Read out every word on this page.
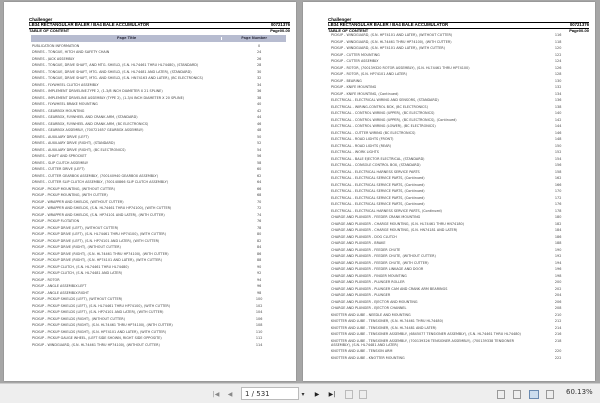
Challenger
LB34 RECTANGULAR BALER / BA4 BALE ACCUMULATOR	00721376
TABLE OF CONTENT	Page00-00
Page Title	Page Number
PUBLICATION INFORMATION	0
DRIVES - TONGUE, HITCH AND SAFETY CHAIN	24
DRIVES - JACK ASSEMBLY	26
DRIVES - TONGUE, DRIVE SHAFT, AND MTG. SHIELD, (S.N. HL74461 THRU HL74480), (STANDARD)	28
DRIVES - TONGUE, DRIVE SHAFT, MTG. AND SHIELD, (S.N. HL74481 AND LATER), (STANDARD)	30
DRIVES - TONGUE, DRIVE SHAFT, MTG. AND SHIELD, (S.N. HN74163 AND LATER), (BC ELECTRONICS)	32
DRIVES - FLYWHEEL CLUTCH ASSEMBLY	34
DRIVES - IMPLEMENT DRIVELINE-TYPE 2, (1-3/8 INCH DIAMETER X 21 SPLINE)	36
DRIVES - IMPLEMENT DRIVELINE ASSEMBLY (TYPE 2), (1-3/4 INCH DIAMETER X 20 SPLINE)	38
DRIVES - FLYWHEEL BRAKE MOUNTING	40
DRIVES - GEARBOX MOUNTING	42
DRIVES - GEARBOX, FLYWHEEL AND CRANK ARM, (STANDARD)	44
DRIVES - GEARBOX, FLYWHEEL AND CRANK ARM, (BC ELECTRONICS)	46
DRIVES - GEARBOX ASSEMBLY, (700721657 GEARBOX ASSEMBLY)	48
DRIVES - AUXILIARY DRIVE (LEFT)	50
DRIVES - AUXILIARY DRIVE (RIGHT), (STANDARD)	52
DRIVES - AUXILIARY DRIVE (RIGHT), (BC ELECTRONICS)	54
DRIVES - SHAFT AND SPROCKET	56
DRIVES - SLIP CLUTCH ASSEMBLY	58
DRIVES - CUTTER DRIVE (LEFT)	60
DRIVES - CUTTER GEARBOX ASSEMBLY, (700140940 GEARBOX ASSEMBLY)	62
DRIVES - CUTTER SLIP CLUTCH ASSEMBLY, (700140866 SLIP CLUTCH ASSEMBLY)	64
PICKUP - PICKUP MOUNTING, (WITHOUT CUTTER)	66
PICKUP - PICKUP MOUNTING, (WITH CUTTER)	68
PICKUP - WRAPPER AND SHIELDS, (WITHOUT CUTTER)	70
PICKUP - WRAPPER AND SHIELDS, (S.N. HL74461 THRU HP74100), (WITH CUTTER)	72
PICKUP - WRAPPER AND SHIELDS, (S.N. HP74101 AND LATER), (WITH CUTTER)	74
PICKUP - PICKUP FLOTATION	76
PICKUP - PICKUP DRIVE (LEFT), (WITHOUT CUTTER)	78
PICKUP - PICKUP DRIVE (LEFT), (S.N. HL74461 THRU HP74100), (WITH CUTTER)	80
PICKUP - PICKUP DRIVE (LEFT), (S.N. HP74101 AND LATER), (WITH CUTTER)	82
PICKUP - PICKUP DRIVE (RIGHT), (WITHOUT CUTTER)	84
PICKUP - PICKUP DRIVE (RIGHT), (S.N. HL74461 THRU HP74100), (WITH CUTTER)	86
PICKUP - PICKUP DRIVE (RIGHT), (S.N. HP74101 AND LATER), (WITH CUTTER)	88
PICKUP - PICKUP CLUTCH, (S.N. HL74461 THRU HL74480)	90
PICKUP - PICKUP CLUTCH, (S.N. HL74481 AND LATER)	92
PICKUP - ROTOR	94
PICKUP - ANGLE ASSEMBLY-LEFT	96
PICKUP - ANGLE ASSEMBLY-RIGHT	98
PICKUP - PICKUP SHIELDS (LEFT), (WITHOUT CUTTER)	100
PICKUP - PICKUP SHIELDS (LEFT), (S.N. HL74461 THRU HP74100), (WITH CUTTER)	102
PICKUP - PICKUP SHIELDS (LEFT), (S.N. HP74101 AND LATER), (WITH CUTTER)	104
PICKUP - PICKUP SHIELDS (RIGHT), (WITHOUT CUTTER)	106
PICKUP - PICKUP SHIELDS (RIGHT), (S.N. HL74461 THRU HP74100), (WITH CUTTER)	108
PICKUP - PICKUP SHIELDS (RIGHT), (S.N. HP74101 AND LATER), (WITH CUTTER)	110
PICKUP - PICKUP GAUGE WHEEL, (LEFT SIDE SHOWN, RIGHT SIDE OPPOSITE)	112
PICKUP - WINDGUARD, (S.N. HL74461 THRU HP74100), (WITHOUT CUTTER)	114
Challenger
LB34 RECTANGULAR BALER / BA4 BALE ACCUMULATOR	00721376
TABLE OF CONTENT	Page00-00
PICKUP - WINDGUARD, (S.N. HP74101 AND LATER), (WITHOUT CUTTER)	116
PICKUP - WINDGUARD, (S.N. HL74461 THRU HP74100), (WITH CUTTER)	118
PICKUP - WINDGUARD, (S.N. HP74101 AND LATER), (WITH CUTTER)	120
PICKUP - CUTTER MOUNTING	122
PICKUP - CUTTER ASSEMBLY	124
PICKUP - ROTOR, (700139320 ROTOR ASSEMBLY), (S.N. HL74461 THRU HP74100)	126
PICKUP - ROTOR, (S.N. HP74101 AND LATER)	128
PICKUP - BEARING	130
PICKUP - KNIFE MOUNTING	132
PICKUP - KNIFE MOUNTING, (Continued)	134
ELECTRICAL - ELECTRICAL WIRING AND SENSORS, (STANDARD)	136
ELECTRICAL - WIRING-CONTROL BOX, (BC ELECTRONICS)	138
ELECTRICAL - CONTROL WIRING (UPPER), (BC ELECTRONICS)	140
ELECTRICAL - CONTROL WIRING (UPPER), (BC ELECTRONICS), (Continued)	142
ELECTRICAL - CONTROL WIRING (LOWER), (BC ELECTRONICS)	144
ELECTRICAL - CUTTER WIRING (BC ELECTRONICS)	146
ELECTRICAL - ROAD LIGHTS (FRONT)	148
ELECTRICAL - ROAD LIGHTS (REAR)	150
ELECTRICAL - WORK LIGHTS	152
ELECTRICAL - BALE EJECTOR ELECTRICAL, (STANDARD)	154
ELECTRICAL - CONSOLE CONTROL BOX, (STANDARD)	156
ELECTRICAL - ELECTRICAL HARNESS SERVICE PARTS	158
ELECTRICAL - ELECTRICAL SERVICE PARTS, (Continued)	162
ELECTRICAL - ELECTRICAL SERVICE PARTS, (Continued)	166
ELECTRICAL - ELECTRICAL SERVICE PARTS, (Continued)	170
ELECTRICAL - ELECTRICAL SERVICE PARTS, (Continued)	172
ELECTRICAL - ELECTRICAL SERVICE PARTS, (Continued)	176
ELECTRICAL - ELECTRICAL HARNESS SERVICE PARTS, (Continued)	178
CHARGE AND PLUNGER - FEEDER CRANK MOUNTING	180
CHARGE AND PLUNGER - CHARGE MOUNTING, (S.N. HL74461 THRU HN74180)	182
CHARGE AND PLUNGER - CHARGE MOUNTING, (S.N. HN74181 AND LATER)	184
CHARGE AND PLUNGER - DOG CLUTCH	186
CHARGE AND PLUNGER - BRAKE	188
CHARGE AND PLUNGER - FEEDER CHUTE	190
CHARGE AND PLUNGER - FEEDER CHUTE, (WITHOUT CUTTER)	192
CHARGE AND PLUNGER - FEEDER CHUTE, (WITH CUTTER)	194
CHARGE AND PLUNGER - FEEDER LINKAGE AND DOOR	196
CHARGE AND PLUNGER - FINGER MOUNTING	198
CHARGE AND PLUNGER - PLUNGER ROLLER	200
CHARGE AND PLUNGER - PLUNGER CAM AND CRANK ARM BEARINGS	202
CHARGE AND PLUNGER - PLUNGER	204
CHARGE AND PLUNGER - EJECTOR AND MOUNTING	206
CHARGE AND PLUNGER - EJECTOR CHANNEL	208
KNOTTER AND LUBE - NEEDLE AND MOUNTING	210
KNOTTER AND LUBE - TENSIONER, (S.N. HL74461 THRU HL74480)	212
KNOTTER AND LUBE - TENSIONER, (S.N. HL74481 AND LATER)	214
KNOTTER AND LUBE - TENSIONER ASSEMBLY, (6845077 TENSIONER ASSEMBLY), (S.N. HL74461 THRU HL74480)	216
KNOTTER AND LUBE - TENSIONER ASSEMBLY, (700139326 TENSIONER ASSEMBLY), (700139338 TENSIONER ASSEMBLY), (S.N. HL74481 AND LATER)
218
KNOTTER AND LUBE - TENSION ARM	220
KNOTTER AND LUBE - KNOTTER MOUNTING	222
|◀	◀	1 / 531	▾	▶	▶|	60.13%
